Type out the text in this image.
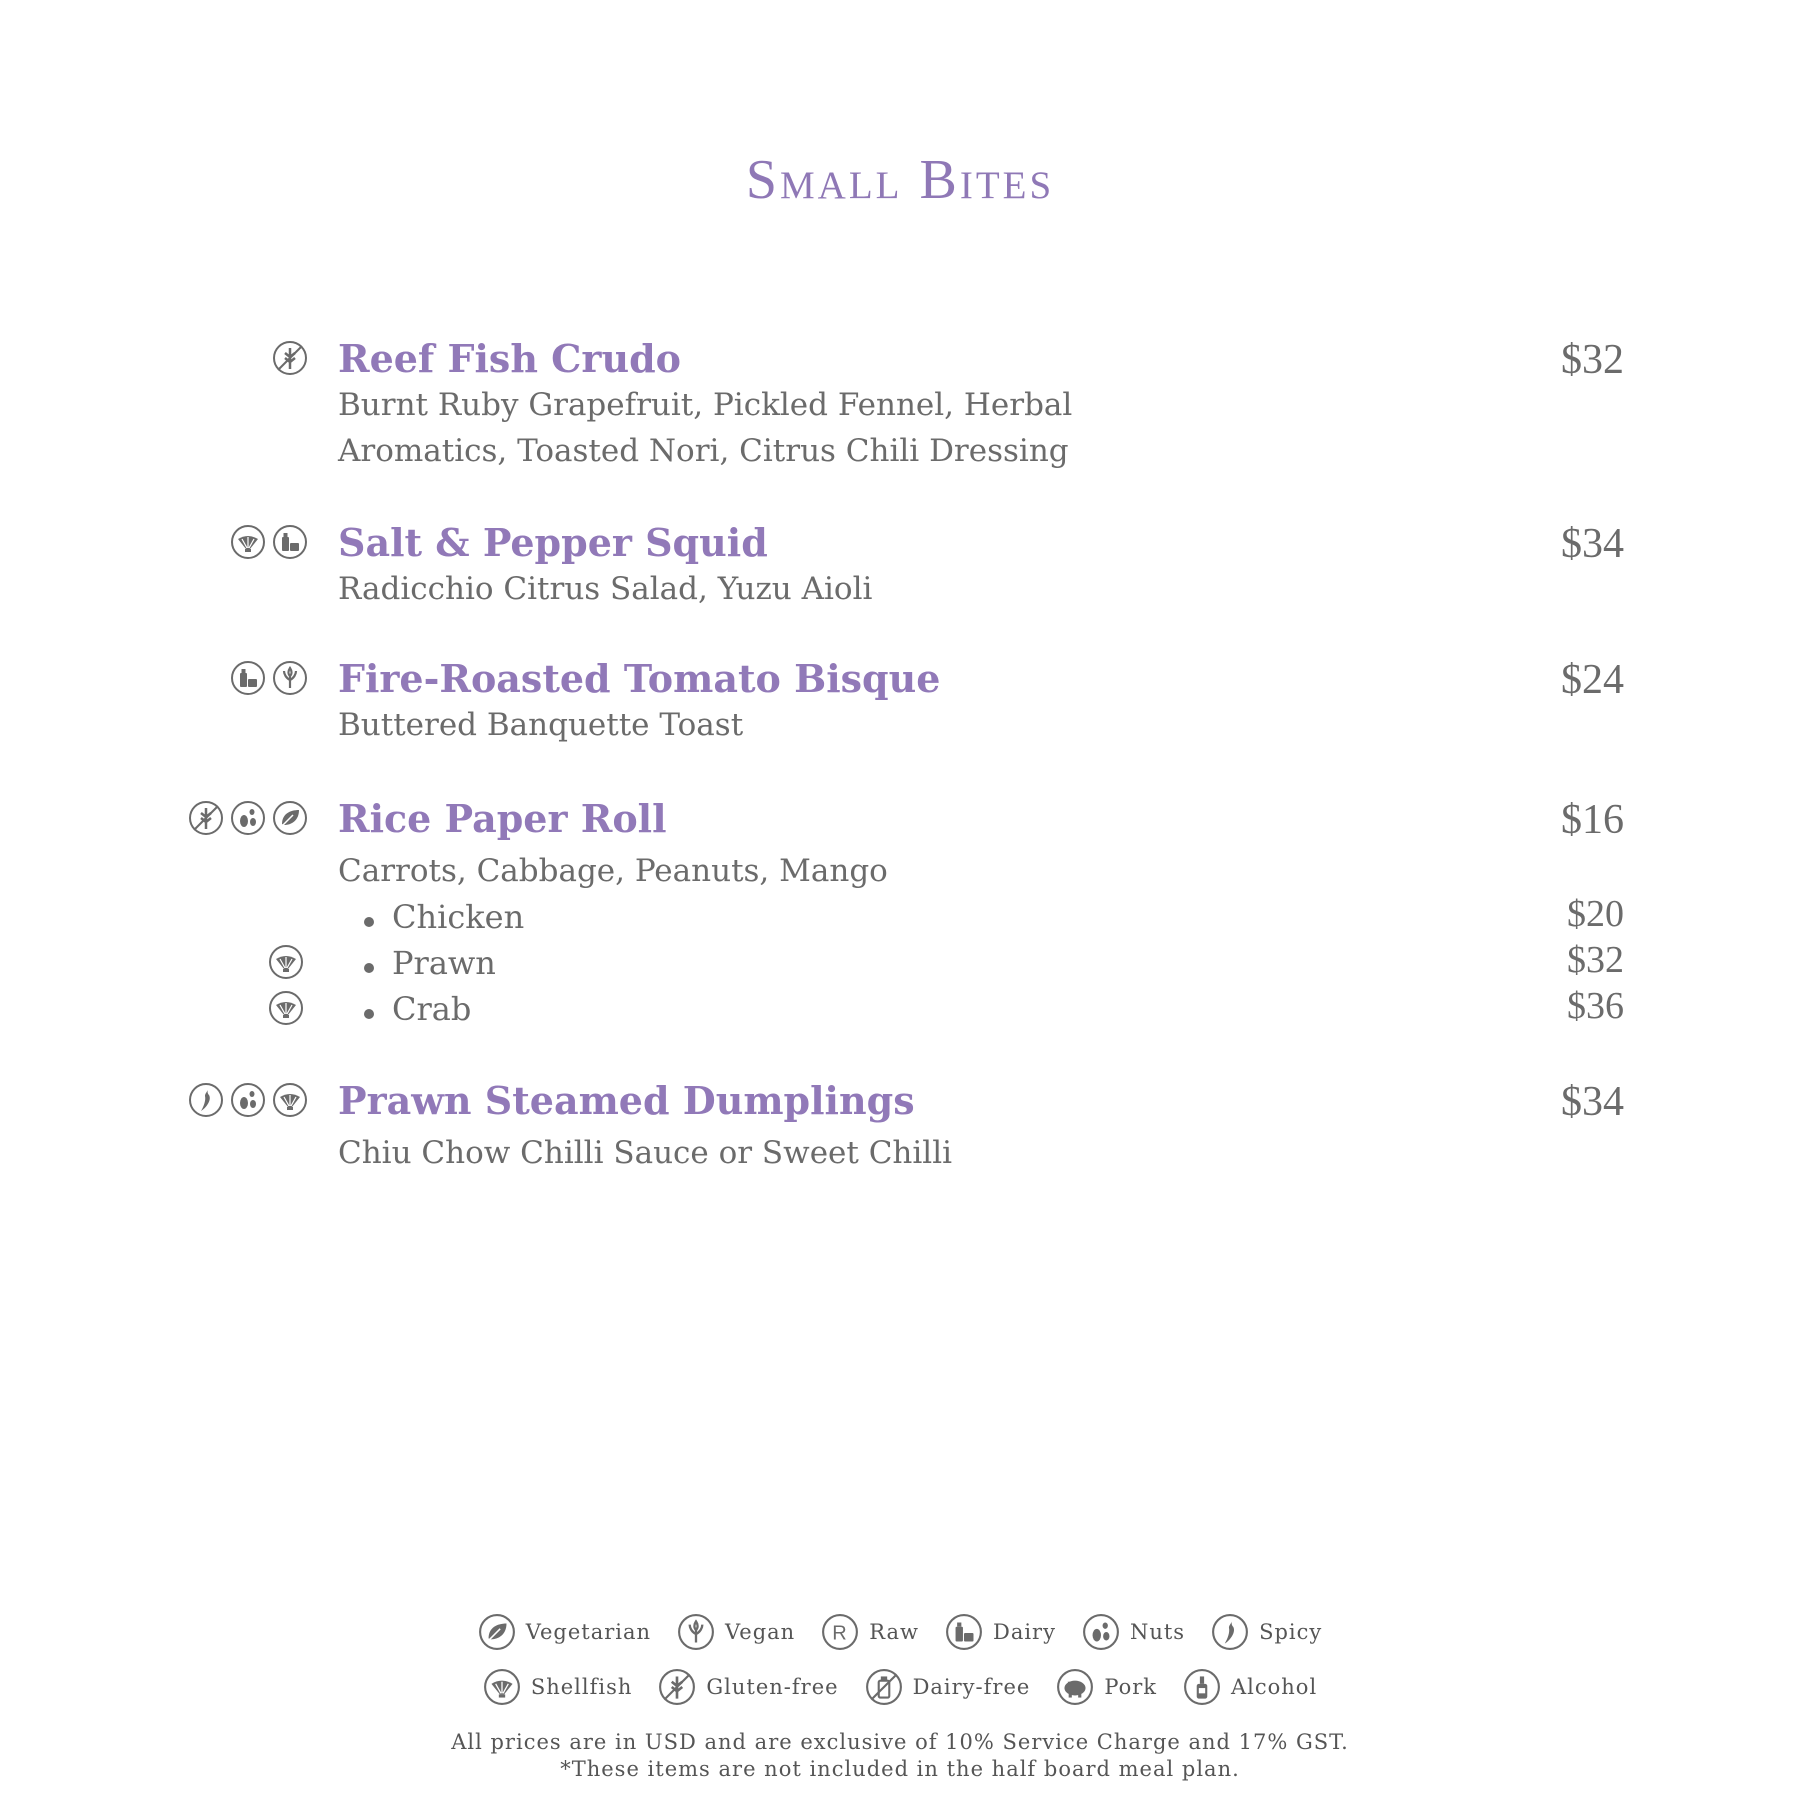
Small Bites
Reef Fish Crudo	$32
Burnt Ruby Grapefruit, Pickled Fennel, Herbal
Aromatics, Toasted Nori, Citrus Chili Dressing
Salt & Pepper Squid	$34
Radicchio Citrus Salad, Yuzu Aioli
Fire-Roasted Tomato Bisque	$24
Buttered Banquette Toast
Rice Paper Roll	$16
Carrots, Cabbage, Peanuts, Mango
Chicken	$20
Prawn	$32
Crab	$36
Prawn Steamed Dumplings	$34
Chiu Chow Chilli Sauce or Sweet Chilli
Vegetarian	Vegan R Raw	Dairy	Nuts	Spicy
Shellfish	Gluten-free	Dairy-free	Pork	Alcohol
All prices are in USD and are exclusive of 10% Service Charge and 17% GST.
*These items are not included in the half board meal plan.
